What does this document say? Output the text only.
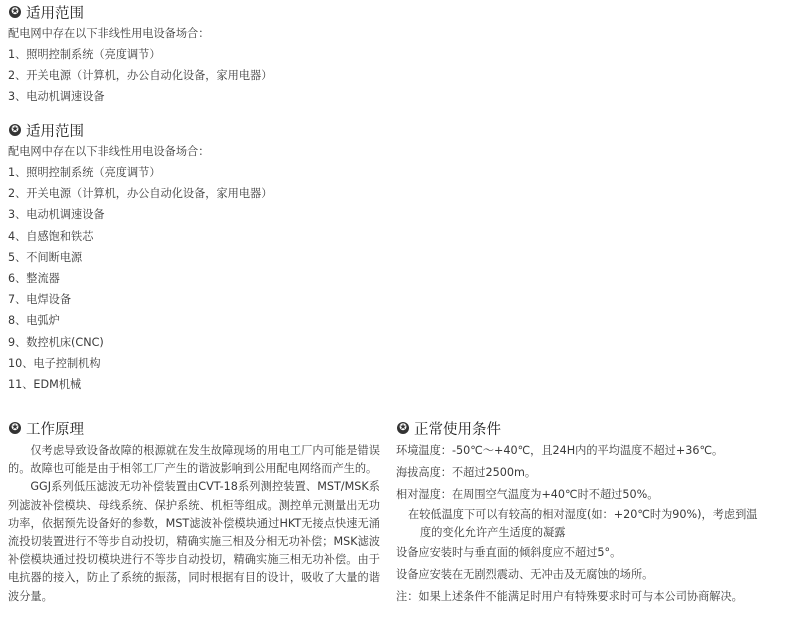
✪ 适用范围
配电网中存在以下非线性用电设备场合：
1、照明控制系统（亮度调节）
2、开关电源（计算机，办公自动化设备，家用电器）
3、电动机调速设备
✪ 适用范围
配电网中存在以下非线性用电设备场合：
1、照明控制系统（亮度调节）
2、开关电源（计算机，办公自动化设备，家用电器）
3、电动机调速设备
4、自感饱和铁芯
5、不间断电源
6、整流器
7、电焊设备
8、电弧炉
9、数控机床(CNC)
10、电子控制机构
11、EDM机械
✪ 工作原理
仅考虑导致设备故障的根源就在发生故障现场的用电工厂内可能是错误的。故障也可能是由于相邻工厂产生的谐波影响到公用配电网络而产生的。
GGJ系列低压滤波无功补偿装置由CVT-18系列测控装置、MST/MSK系列滤波补偿模块、母线系统、保护系统、机柜等组成。测控单元测量出无功功率，依据预先设备好的参数，MST滤波补偿模块通过HKT无接点快速无涌流投切装置进行不等步自动投切，精确实施三相及分相无功补偿；MSK滤波补偿模块通过投切模块进行不等步自动投切，精确实施三相无功补偿。由于电抗器的接入，防止了系统的振荡，同时根据有目的设计，吸收了大量的谐波分量。
✪ 正常使用条件
环境温度：-50℃～+40℃，且24H内的平均温度不超过+36℃。
海拔高度：不超过2500m。
相对湿度：在周围空气温度为+40℃时不超过50%。
在较低温度下可以有较高的相对湿度(如：+20℃时为90%)，考虑到温
度的变化允许产生适度的凝露
设备应安装时与垂直面的倾斜度应不超过5°。
设备应安装在无剧烈震动、无冲击及无腐蚀的场所。
注：如果上述条件不能满足时用户有特殊要求时可与本公司协商解决。
